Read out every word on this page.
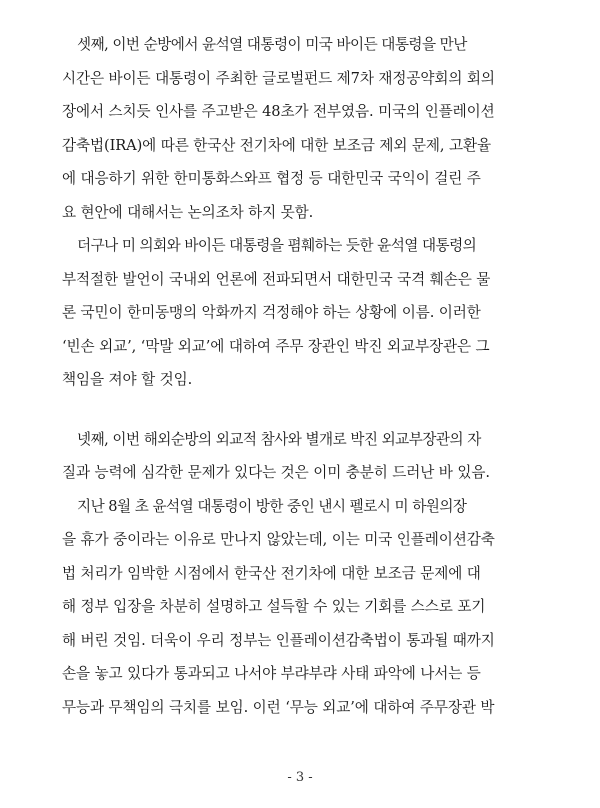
셋째, 이번 순방에서 윤석열 대통령이 미국 바이든 대통령을 만난
시간은 바이든 대통령이 주최한 글로벌펀드 제7차 재정공약회의 회의
장에서 스치듯 인사를 주고받은 48초가 전부였음. 미국의 인플레이션
감축법(IRA)에 따른 한국산 전기차에 대한 보조금 제외 문제, 고환율
에 대응하기 위한 한미통화스와프 협정 등 대한민국 국익이 걸린 주
요 현안에 대해서는 논의조차 하지 못함.

더구나 미 의회와 바이든 대통령을 폄훼하는 듯한 윤석열 대통령의
부적절한 발언이 국내외 언론에 전파되면서 대한민국 국격 훼손은 물
론 국민이 한미동맹의 악화까지 걱정해야 하는 상황에 이름. 이러한
‘빈손 외교’, ‘막말 외교’에 대하여 주무 장관인 박진 외교부장관은 그
책임을 져야 할 것임.

넷째, 이번 해외순방의 외교적 참사와 별개로 박진 외교부장관의 자
질과 능력에 심각한 문제가 있다는 것은 이미 충분히 드러난 바 있음.

지난 8월 초 윤석열 대통령이 방한 중인 낸시 펠로시 미 하원의장
을 휴가 중이라는 이유로 만나지 않았는데, 이는 미국 인플레이션감축
법 처리가 임박한 시점에서 한국산 전기차에 대한 보조금 문제에 대
해 정부 입장을 차분히 설명하고 설득할 수 있는 기회를 스스로 포기
해 버린 것임. 더욱이 우리 정부는 인플레이션감축법이 통과될 때까지
손을 놓고 있다가 통과되고 나서야 부랴부랴 사태 파악에 나서는 등
무능과 무책임의 극치를 보임. 이런 ‘무능 외교’에 대하여 주무장관 박

- 3 -
